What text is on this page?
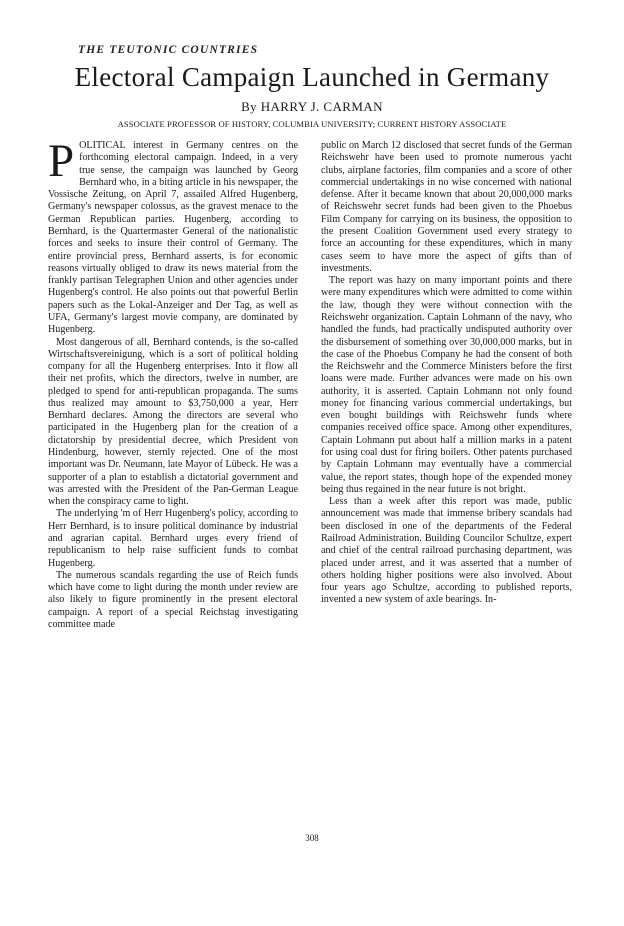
THE TEUTONIC COUNTRIES
Electoral Campaign Launched in Germany
By HARRY J. CARMAN
ASSOCIATE PROFESSOR OF HISTORY, COLUMBIA UNIVERSITY; CURRENT HISTORY ASSOCIATE

POLITICAL interest in Germany centres on the forthcoming electoral campaign. Indeed, in a very true sense, the campaign was launched by Georg Bernhard who, in a biting article in his newspaper, the Vossische Zeitung, on April 7, assailed Alfred Hugenberg, Germany's newspaper colossus, as the gravest menace to the German Republican parties. Hugenberg, according to Bernhard, is the Quartermaster General of the nationalistic forces and seeks to insure their control of Germany. The entire provincial press, Bernhard asserts, is for economic reasons virtually obliged to draw its news material from the frankly partisan Telegraphen Union and other agencies under Hugenberg's control. He also points out that powerful Berlin papers such as the Lokal-Anzeiger and Der Tag, as well as UFA, Germany's largest movie company, are dominated by Hugenberg.

Most dangerous of all, Bernhard contends, is the so-called Wirtschaftsvereinigung, which is a sort of political holding company for all the Hugenberg enterprises. Into it flow all their net profits, which the directors, twelve in number, are pledged to spend for anti-republican propaganda. The sums thus realized may amount to $3,750,000 a year, Herr Bernhard declares. Among the directors are several who participated in the Hugenberg plan for the creation of a dictatorship by presidential decree, which President von Hindenburg, however, sternly rejected. One of the most important was Dr. Neumann, late Mayor of Lübeck. He was a supporter of a plan to establish a dictatorial government and was arrested with the President of the Pan-German League when the conspiracy came to light.

The underlying 'm of Herr Hugenberg's policy, according to Herr Bernhard, is to insure political dominance by industrial and agrarian capital. Bernhard urges every friend of republicanism to help raise sufficient funds to combat Hugenberg.

The numerous scandals regarding the use of Reich funds which have come to light during the month under review are also likely to figure prominently in the present electoral campaign. A report of a special Reichstag investigating committee made

public on March 12 disclosed that secret funds of the German Reichswehr have been used to promote numerous yacht clubs, airplane factories, film companies and a score of other commercial undertakings in no wise concerned with national defense. After it became known that about 20,000,000 marks of Reichswehr secret funds had been given to the Phoebus Film Company for carrying on its business, the opposition to the present Coalition Government used every strategy to force an accounting for these expenditures, which in many cases seem to have more the aspect of gifts than of investments.

The report was hazy on many important points and there were many expenditures which were admitted to come within the law, though they were without connection with the Reichswehr organization. Captain Lohmann of the navy, who handled the funds, had practically undisputed authority over the disbursement of something over 30,000,000 marks, but in the case of the Phoebus Company he had the consent of both the Reichswehr and the Commerce Ministers before the first loans were made. Further advances were made on his own authority, it is asserted. Captain Lohmann not only found money for financing various commercial undertakings, but even bought buildings with Reichswehr funds where companies received office space. Among other expenditures, Captain Lohmann put about half a million marks in a patent for using coal dust for firing boilers. Other patents purchased by Captain Lohmann may eventually have a commercial value, the report states, though hope of the expended money being thus regained in the near future is not bright.

Less than a week after this report was made, public announcement was made that immense bribery scandals had been disclosed in one of the departments of the Federal Railroad Administration. Building Councilor Schultze, expert and chief of the central railroad purchasing department, was placed under arrest, and it was asserted that a number of others holding higher positions were also involved. About four years ago Schultze, according to published reports, invented a new system of axle bearings. In-

308
